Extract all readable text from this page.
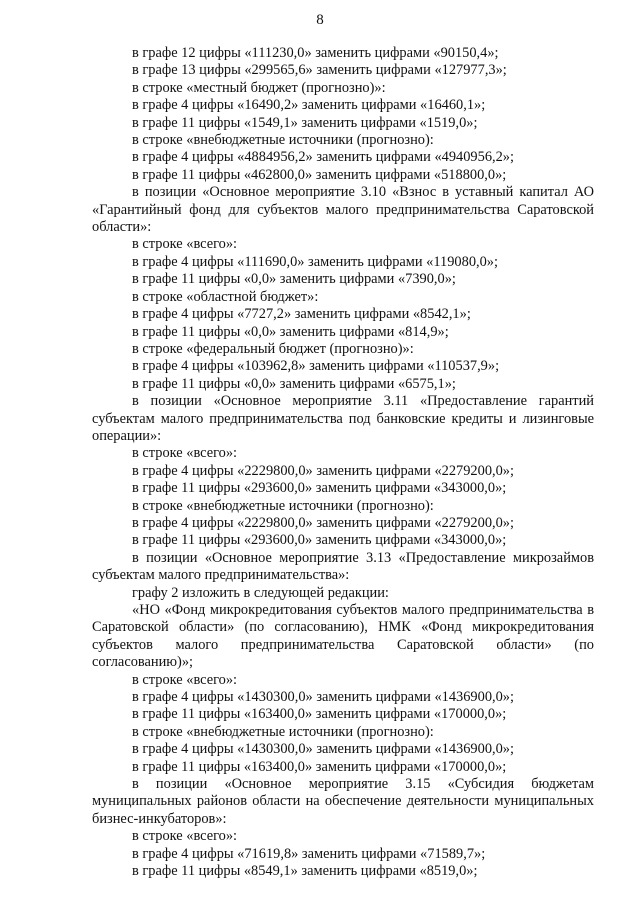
8
в графе 12 цифры «111230,0» заменить цифрами «90150,4»;
в графе 13 цифры «299565,6» заменить цифрами «127977,3»;
в строке «местный бюджет (прогнозно)»:
в графе 4 цифры «16490,2» заменить цифрами «16460,1»;
в графе 11 цифры «1549,1» заменить цифрами «1519,0»;
в строке «внебюджетные источники (прогнозно):
в графе 4 цифры «4884956,2» заменить цифрами «4940956,2»;
в графе 11 цифры «462800,0» заменить цифрами «518800,0»;
в позиции «Основное мероприятие 3.10 «Взнос в уставный капитал АО «Гарантийный фонд для субъектов малого предпринимательства Саратовской области»:
в строке «всего»:
в графе 4 цифры «111690,0» заменить цифрами «119080,0»;
в графе 11 цифры «0,0» заменить цифрами «7390,0»;
в строке «областной бюджет»:
в графе 4 цифры «7727,2» заменить цифрами «8542,1»;
в графе 11 цифры «0,0» заменить цифрами «814,9»;
в строке «федеральный бюджет (прогнозно)»:
в графе 4 цифры «103962,8» заменить цифрами «110537,9»;
в графе 11 цифры «0,0» заменить цифрами «6575,1»;
в позиции «Основное мероприятие 3.11 «Предоставление гарантий субъектам малого предпринимательства под банковские кредиты и лизинговые операции»:
в строке «всего»:
в графе 4 цифры «2229800,0» заменить цифрами «2279200,0»;
в графе 11 цифры «293600,0» заменить цифрами «343000,0»;
в строке «внебюджетные источники (прогнозно):
в графе 4 цифры «2229800,0» заменить цифрами «2279200,0»;
в графе 11 цифры «293600,0» заменить цифрами «343000,0»;
в позиции «Основное мероприятие 3.13 «Предоставление микрозаймов субъектам малого предпринимательства»:
графу 2 изложить в следующей редакции:
«НО «Фонд микрокредитования субъектов малого предпринимательства в Саратовской области» (по согласованию), НМК «Фонд микрокредитования субъектов малого предпринимательства Саратовской области» (по согласованию)»;
в строке «всего»:
в графе 4 цифры «1430300,0» заменить цифрами «1436900,0»;
в графе 11 цифры «163400,0» заменить цифрами «170000,0»;
в строке «внебюджетные источники (прогнозно):
в графе 4 цифры «1430300,0» заменить цифрами «1436900,0»;
в графе 11 цифры «163400,0» заменить цифрами «170000,0»;
в позиции «Основное мероприятие 3.15 «Субсидия бюджетам муниципальных районов области на обеспечение деятельности муниципальных бизнес-инкубаторов»:
в строке «всего»:
в графе 4 цифры «71619,8» заменить цифрами «71589,7»;
в графе 11 цифры «8549,1» заменить цифрами «8519,0»;
